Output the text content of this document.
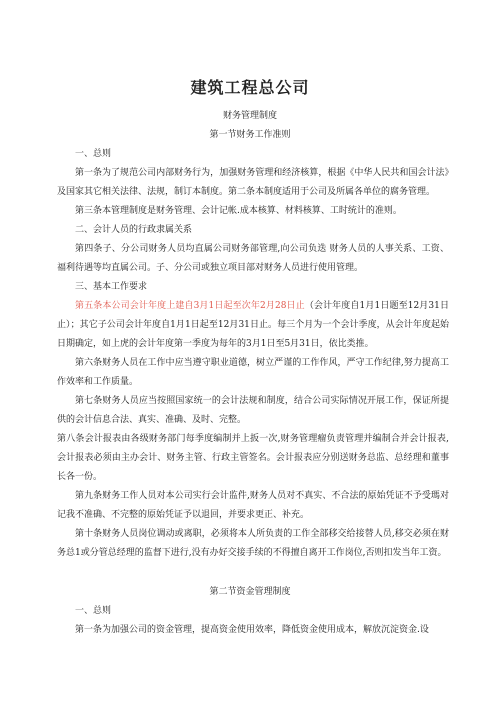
建筑工程总公司
财务管理制度
第一节财务工作准则

一、总则

第一条为了规范公司内部财务行为，加强财务管理和经济核算，根据《中华人民共和国会计法》及国家其它相关法律、法规，制订本制度。第二条本制度适用于公司及所属各单位的腐务管理。

第三条本管理制度是财务管理、会计记帐.成本核算、材料核算、工时统计的准则。

二、会计人员的行政隶属关系

第四条子、分公司财务人员均直属公司财务部管理,向公司负迭 财务人员的人事关系、工资、福利待遇等均直属公司。子、分公司或独立项目部对财务人员进行使用管理。

三、基本工作要求

第五条本公司会计年度上建自3月1日起至次年2月28日止（会计年度自1月1日题至12月31日止）；其它子公司会计年度自1月1日起至12月31日止。每三个月为一个会计季度，从会计年度起始日期确定，如上虎的会计年度第一季度为每年的3月1日至5月31日，依比类推。

第六条财务人员在工作中应当遵守职业道德，树立严谨的工作作风，严守工作纪律,努力提高工作效率和工作质量。

第七条财务人员应当按照国家统一的会计法规和制度，结合公司实际情况开展工作，保证所提供的会计信息合法、真实、准确、及时、完整。

第八条会计报表由各级财务部门每季度编制并上扳一次,财务管理瘤负责管理并编制合并会计报表,会计报表必须由主办会计、财务主管、行政主管签名。会计报表应分别送财务总监、总经理和董事长各一份。

第九条财务工作人员对本公司实行会计监件,财务人员对不真实、不合法的原始凭证不予受瑪对记我不准确、不完整的原始凭证予以退回，并要求更正、补充。

第十条财务人员岗位调动或离职，必须将本人所负责的工作全部移交给接替人员,移交必须在财务总1或分管总经理的监督下进行,没有办好交接手续的不得擅自离开工作岗位,否则扣发当年工资。

第二节资金管理制度

一、总则

第一条为加强公司的资金管理，提高资金使用效率，降低资金使用成本，解放沉淀资金.设
